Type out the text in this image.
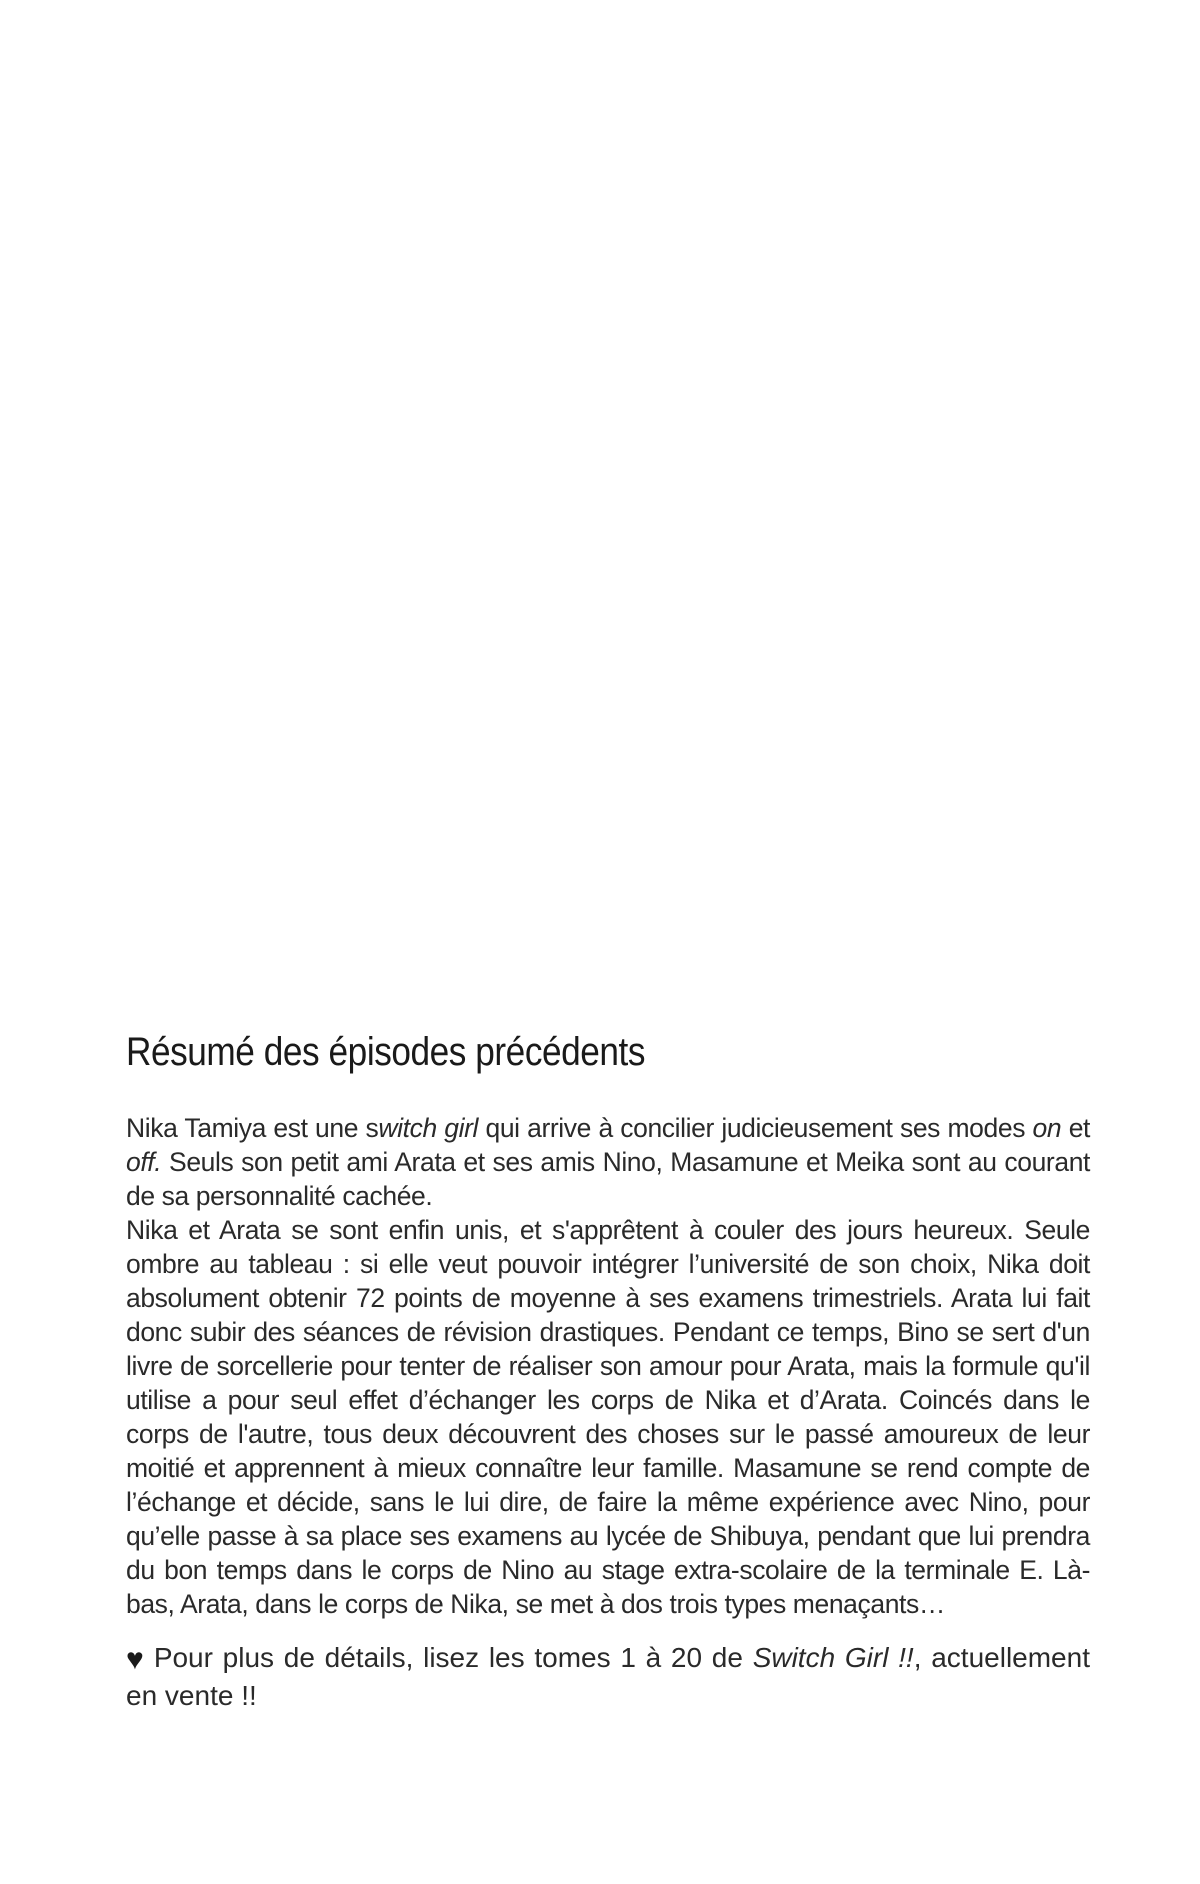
Résumé des épisodes précédents

Nika Tamiya est une switch girl qui arrive à concilier judicieusement ses modes on et off. Seuls son petit ami Arata et ses amis Nino, Masamune et Meika sont au courant de sa personnalité cachée.

Nika et Arata se sont enfin unis, et s'apprêtent à couler des jours heureux. Seule ombre au tableau : si elle veut pouvoir intégrer l’université de son choix, Nika doit absolument obtenir 72 points de moyenne à ses examens trimestriels. Arata lui fait donc subir des séances de révision drastiques. Pendant ce temps, Bino se sert d'un livre de sorcellerie pour tenter de réaliser son amour pour Arata, mais la formule qu'il utilise a pour seul effet d’échanger les corps de Nika et d’Arata. Coincés dans le corps de l'autre, tous deux découvrent des choses sur le passé amoureux de leur moitié et apprennent à mieux connaître leur famille. Masamune se rend compte de l’échange et décide, sans le lui dire, de faire la même expérience avec Nino, pour qu’elle passe à sa place ses examens au lycée de Shibuya, pendant que lui prendra du bon temps dans le corps de Nino au stage extra-scolaire de la terminale E. Là-bas, Arata, dans le corps de Nika, se met à dos trois types menaçants…

♥ Pour plus de détails, lisez les tomes 1 à 20 de Switch Girl !!, actuellement en vente !!
